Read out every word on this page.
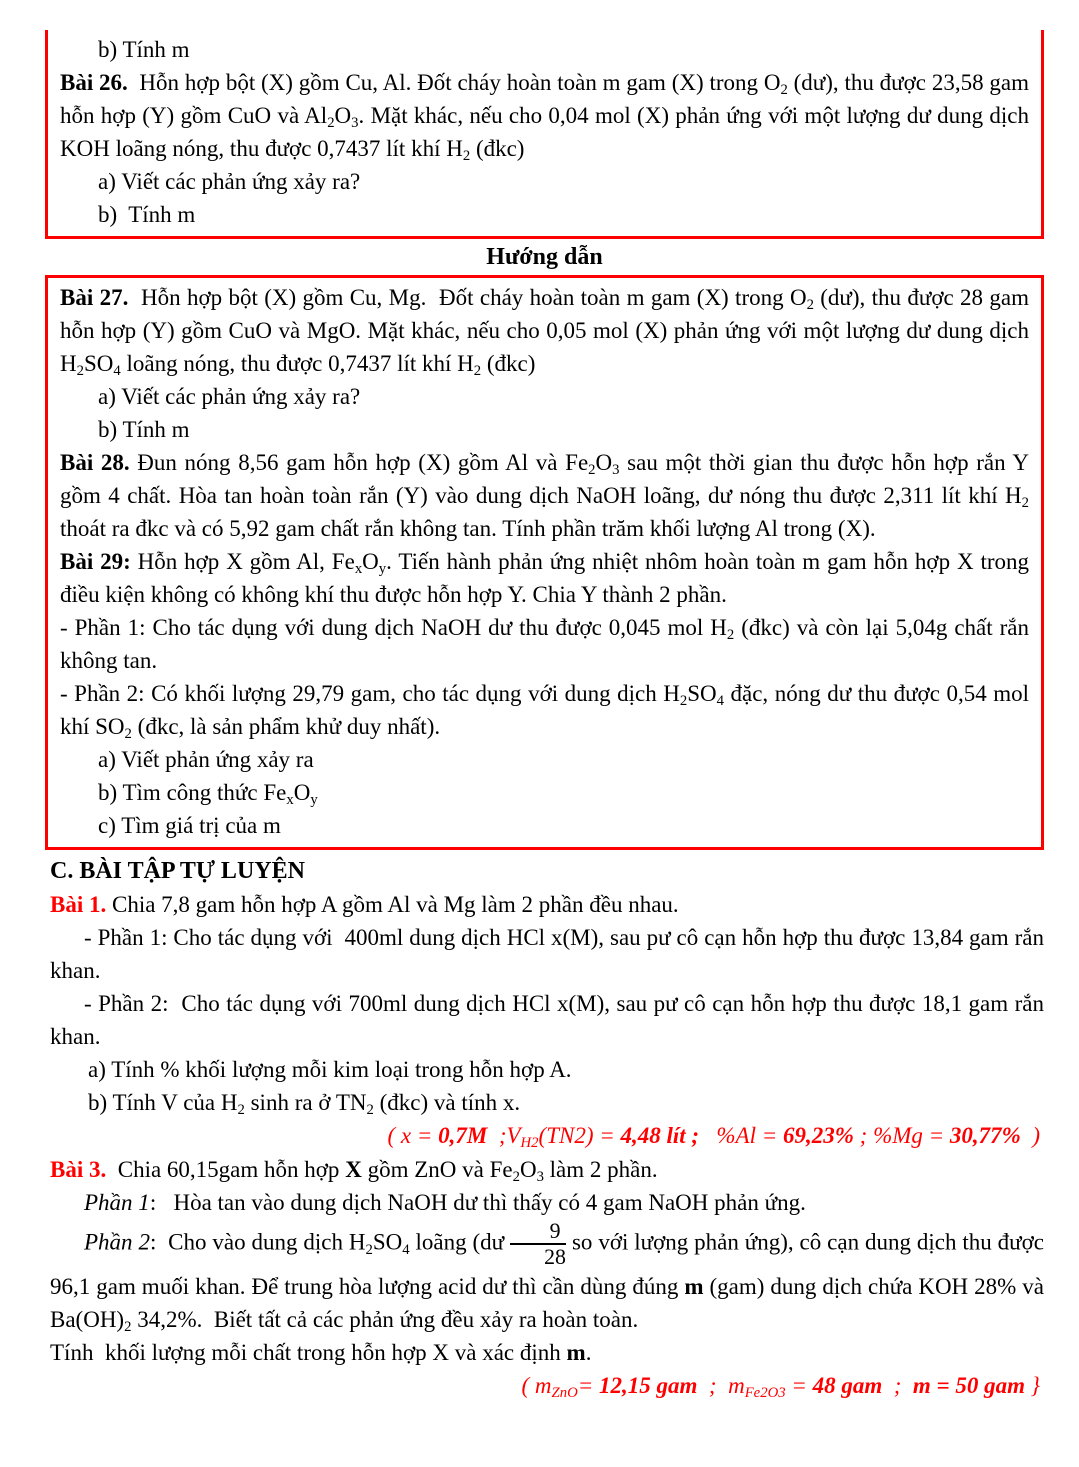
b) Tính m

Bài 26.  Hỗn hợp bột (X) gồm Cu, Al. Đốt cháy hoàn toàn m gam (X) trong $O_2$ (dư), thu được 23,58 gam hỗn hợp (Y) gồm CuO và $Al_2O_3$. Mặt khác, nếu cho 0,04 mol (X) phản ứng với một lượng dư dung dịch KOH loãng nóng, thu được 0,7437 lít khí $H_2$ (đkc)

a) Viết các phản ứng xảy ra?

b)  Tính m

Hướng dẫn

Bài 27.  Hỗn hợp bột (X) gồm Cu, Mg.  Đốt cháy hoàn toàn m gam (X) trong $O_2$ (dư), thu được 28 gam hỗn hợp (Y) gồm CuO và MgO. Mặt khác, nếu cho 0,05 mol (X) phản ứng với một lượng dư dung dịch $H_2SO_4$ loãng nóng, thu được 0,7437 lít khí $H_2$ (đkc)

a) Viết các phản ứng xảy ra?

b) Tính m

Bài 28. Đun nóng 8,56 gam hỗn hợp (X) gồm Al và $Fe_2O_3$ sau một thời gian thu được hỗn hợp rắn Y gồm 4 chất. Hòa tan hoàn toàn rắn (Y) vào dung dịch NaOH loãng, dư nóng thu được 2,311 lít khí $H_2$ thoát ra đkc và có 5,92 gam chất rắn không tan. Tính phần trăm khối lượng Al trong (X).

Bài 29: Hỗn hợp X gồm Al, $Fe_xO_y$. Tiến hành phản ứng nhiệt nhôm hoàn toàn m gam hỗn hợp X trong điều kiện không có không khí thu được hỗn hợp Y. Chia Y thành 2 phần.

- Phần 1: Cho tác dụng với dung dịch NaOH dư thu được 0,045 mol $H_2$ (đkc) và còn lại 5,04g chất rắn không tan.

- Phần 2: Có khối lượng 29,79 gam, cho tác dụng với dung dịch $H_2SO_4$ đặc, nóng dư thu được 0,54 mol khí $SO_2$ (đkc, là sản phẩm khử duy nhất).

a) Viết phản ứng xảy ra

b) Tìm công thức $Fe_xO_y$

c) Tìm giá trị của m

C. BÀI TẬP TỰ LUYỆN

Bài 1. Chia 7,8 gam hỗn hợp A gồm Al và Mg làm 2 phần đều nhau.

- Phần 1: Cho tác dụng với  400ml dung dịch HCl x(M), sau pư cô cạn hỗn hợp thu được 13,84 gam rắn khan.

- Phần 2:  Cho tác dụng với 700ml dung dịch HCl x(M), sau pư cô cạn hỗn hợp thu được 18,1 gam rắn khan.

a) Tính % khối lượng mỗi kim loại trong hỗn hợp A.

b) Tính V của $H_2$ sinh ra ở $TN_2$ (đkc) và tính x.

( x = 0,7M  $;V_{H2}(TN2) = 4,48$ lít ;   %Al = 69,23% ; %Mg = 30,77%  )

Bài 3.  Chia 60,15gam hỗn hợp X gồm ZnO và $Fe_2O_3$ làm 2 phần.

Phần 1:   Hòa tan vào dung dịch NaOH dư thì thấy có 4 gam NaOH phản ứng.

Phần 2:  Cho vào dung dịch $H_2SO_4$ loãng (dư $\frac{9}{28}$ so với lượng phản ứng), cô cạn dung dịch thu được 96,1 gam muối khan. Để trung hòa lượng acid dư thì cần dùng đúng m (gam) dung dịch chứa KOH 28% và $Ba(OH)_2$ 34,2%.  Biết tất cả các phản ứng đều xảy ra hoàn toàn.

Tính  khối lượng mỗi chất trong hỗn hợp X và xác định m.

( $m_{ZnO}= 12,15$ gam  ;  $m_{Fe2O3} = 48$ gam  ;  m = 50 gam }
